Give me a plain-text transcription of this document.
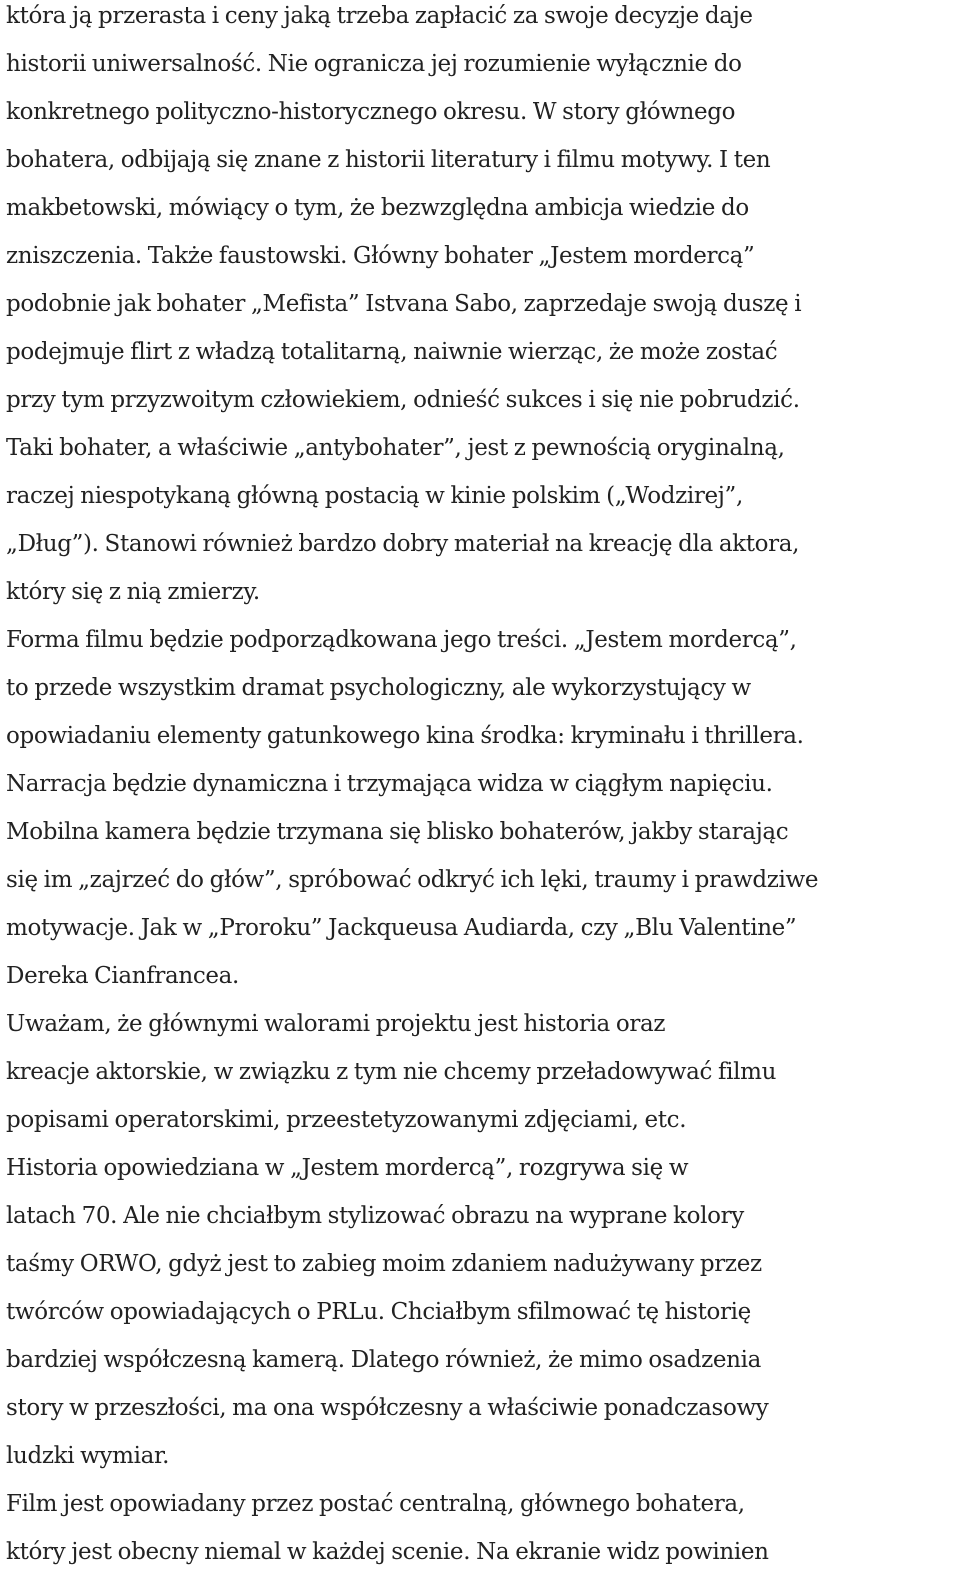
która ją przerasta i ceny jaką trzeba zapłacić za swoje decyzje daje
historii uniwersalność. Nie ogranicza jej rozumienie wyłącznie do
konkretnego polityczno-historycznego okresu. W story głównego
bohatera, odbijają się znane z historii literatury i filmu motywy. I ten
makbetowski, mówiący o tym, że bezwzględna ambicja wiedzie do
zniszczenia. Także faustowski. Główny bohater „Jestem mordercą”
podobnie jak bohater „Mefista” Istvana Sabo, zaprzedaje swoją duszę i
podejmuje flirt z władzą totalitarną, naiwnie wierząc, że może zostać
przy tym przyzwoitym człowiekiem, odnieść sukces i się nie pobrudzić.
Taki bohater, a właściwie „antybohater”, jest z pewnością oryginalną,
raczej niespotykaną główną postacią w kinie polskim („Wodzirej”,
„Dług”). Stanowi również bardzo dobry materiał na kreację dla aktora,
który się z nią zmierzy.
Forma filmu będzie podporządkowana jego treści. „Jestem mordercą”,
to przede wszystkim dramat psychologiczny, ale wykorzystujący w
opowiadaniu elementy gatunkowego kina środka: kryminału i thrillera.
Narracja będzie dynamiczna i trzymająca widza w ciągłym napięciu.
Mobilna kamera będzie trzymana się blisko bohaterów, jakby starając
się im „zajrzeć do głów”, spróbować odkryć ich lęki, traumy i prawdziwe
motywacje. Jak w „Proroku” Jackqueusa Audiarda, czy „Blu Valentine”
Dereka Cianfrancea.
Uważam, że głównymi walorami projektu jest historia oraz
kreacje aktorskie, w związku z tym nie chcemy przeładowywać filmu
popisami operatorskimi, przeestetyzowanymi zdjęciami, etc.
Historia opowiedziana w „Jestem mordercą”, rozgrywa się w
latach 70. Ale nie chciałbym stylizować obrazu na wyprane kolory
taśmy ORWO, gdyż jest to zabieg moim zdaniem nadużywany przez
twórców opowiadających o PRLu. Chciałbym sfilmować tę historię
bardziej współczesną kamerą. Dlatego również, że mimo osadzenia
story w przeszłości, ma ona współczesny a właściwie ponadczasowy
ludzki wymiar.
Film jest opowiadany przez postać centralną, głównego bohatera,
który jest obecny niemal w każdej scenie. Na ekranie widz powinien
